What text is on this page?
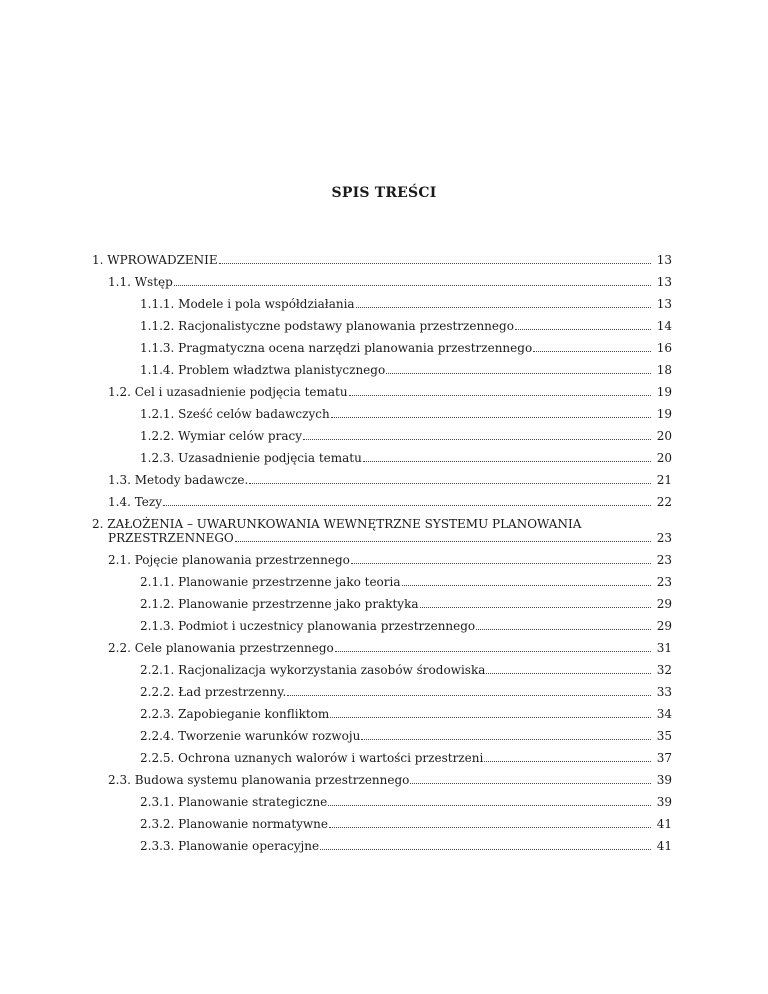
SPIS TREŚCI
1. WPROWADZENIE	13
1.1. Wstęp	13
1.1.1. Modele i pola współdziałania	13
1.1.2. Racjonalistyczne podstawy planowania przestrzennego	14
1.1.3. Pragmatyczna ocena narzędzi planowania przestrzennego	16
1.1.4. Problem władztwa planistycznego	18
1.2. Cel i uzasadnienie podjęcia tematu	19
1.2.1. Sześć celów badawczych	19
1.2.2. Wymiar celów pracy	20
1.2.3. Uzasadnienie podjęcia tematu	20
1.3. Metody badawcze.	21
1.4. Tezy	22
2. ZAŁOŻENIA – UWARUNKOWANIA WEWNĘTRZNE SYSTEMU PLANOWANIA
PRZESTRZENNEGO	23
2.1. Pojęcie planowania przestrzennego	23
2.1.1. Planowanie przestrzenne jako teoria	23
2.1.2. Planowanie przestrzenne jako praktyka	29
2.1.3. Podmiot i uczestnicy planowania przestrzennego	29
2.2. Cele planowania przestrzennego	31
2.2.1. Racjonalizacja wykorzystania zasobów środowiska	32
2.2.2. Ład przestrzenny.	33
2.2.3. Zapobieganie konfliktom	34
2.2.4. Tworzenie warunków rozwoju	35
2.2.5. Ochrona uznanych walorów i wartości przestrzeni	37
2.3. Budowa systemu planowania przestrzennego	39
2.3.1. Planowanie strategiczne	39
2.3.2. Planowanie normatywne	41
2.3.3. Planowanie operacyjne	41
